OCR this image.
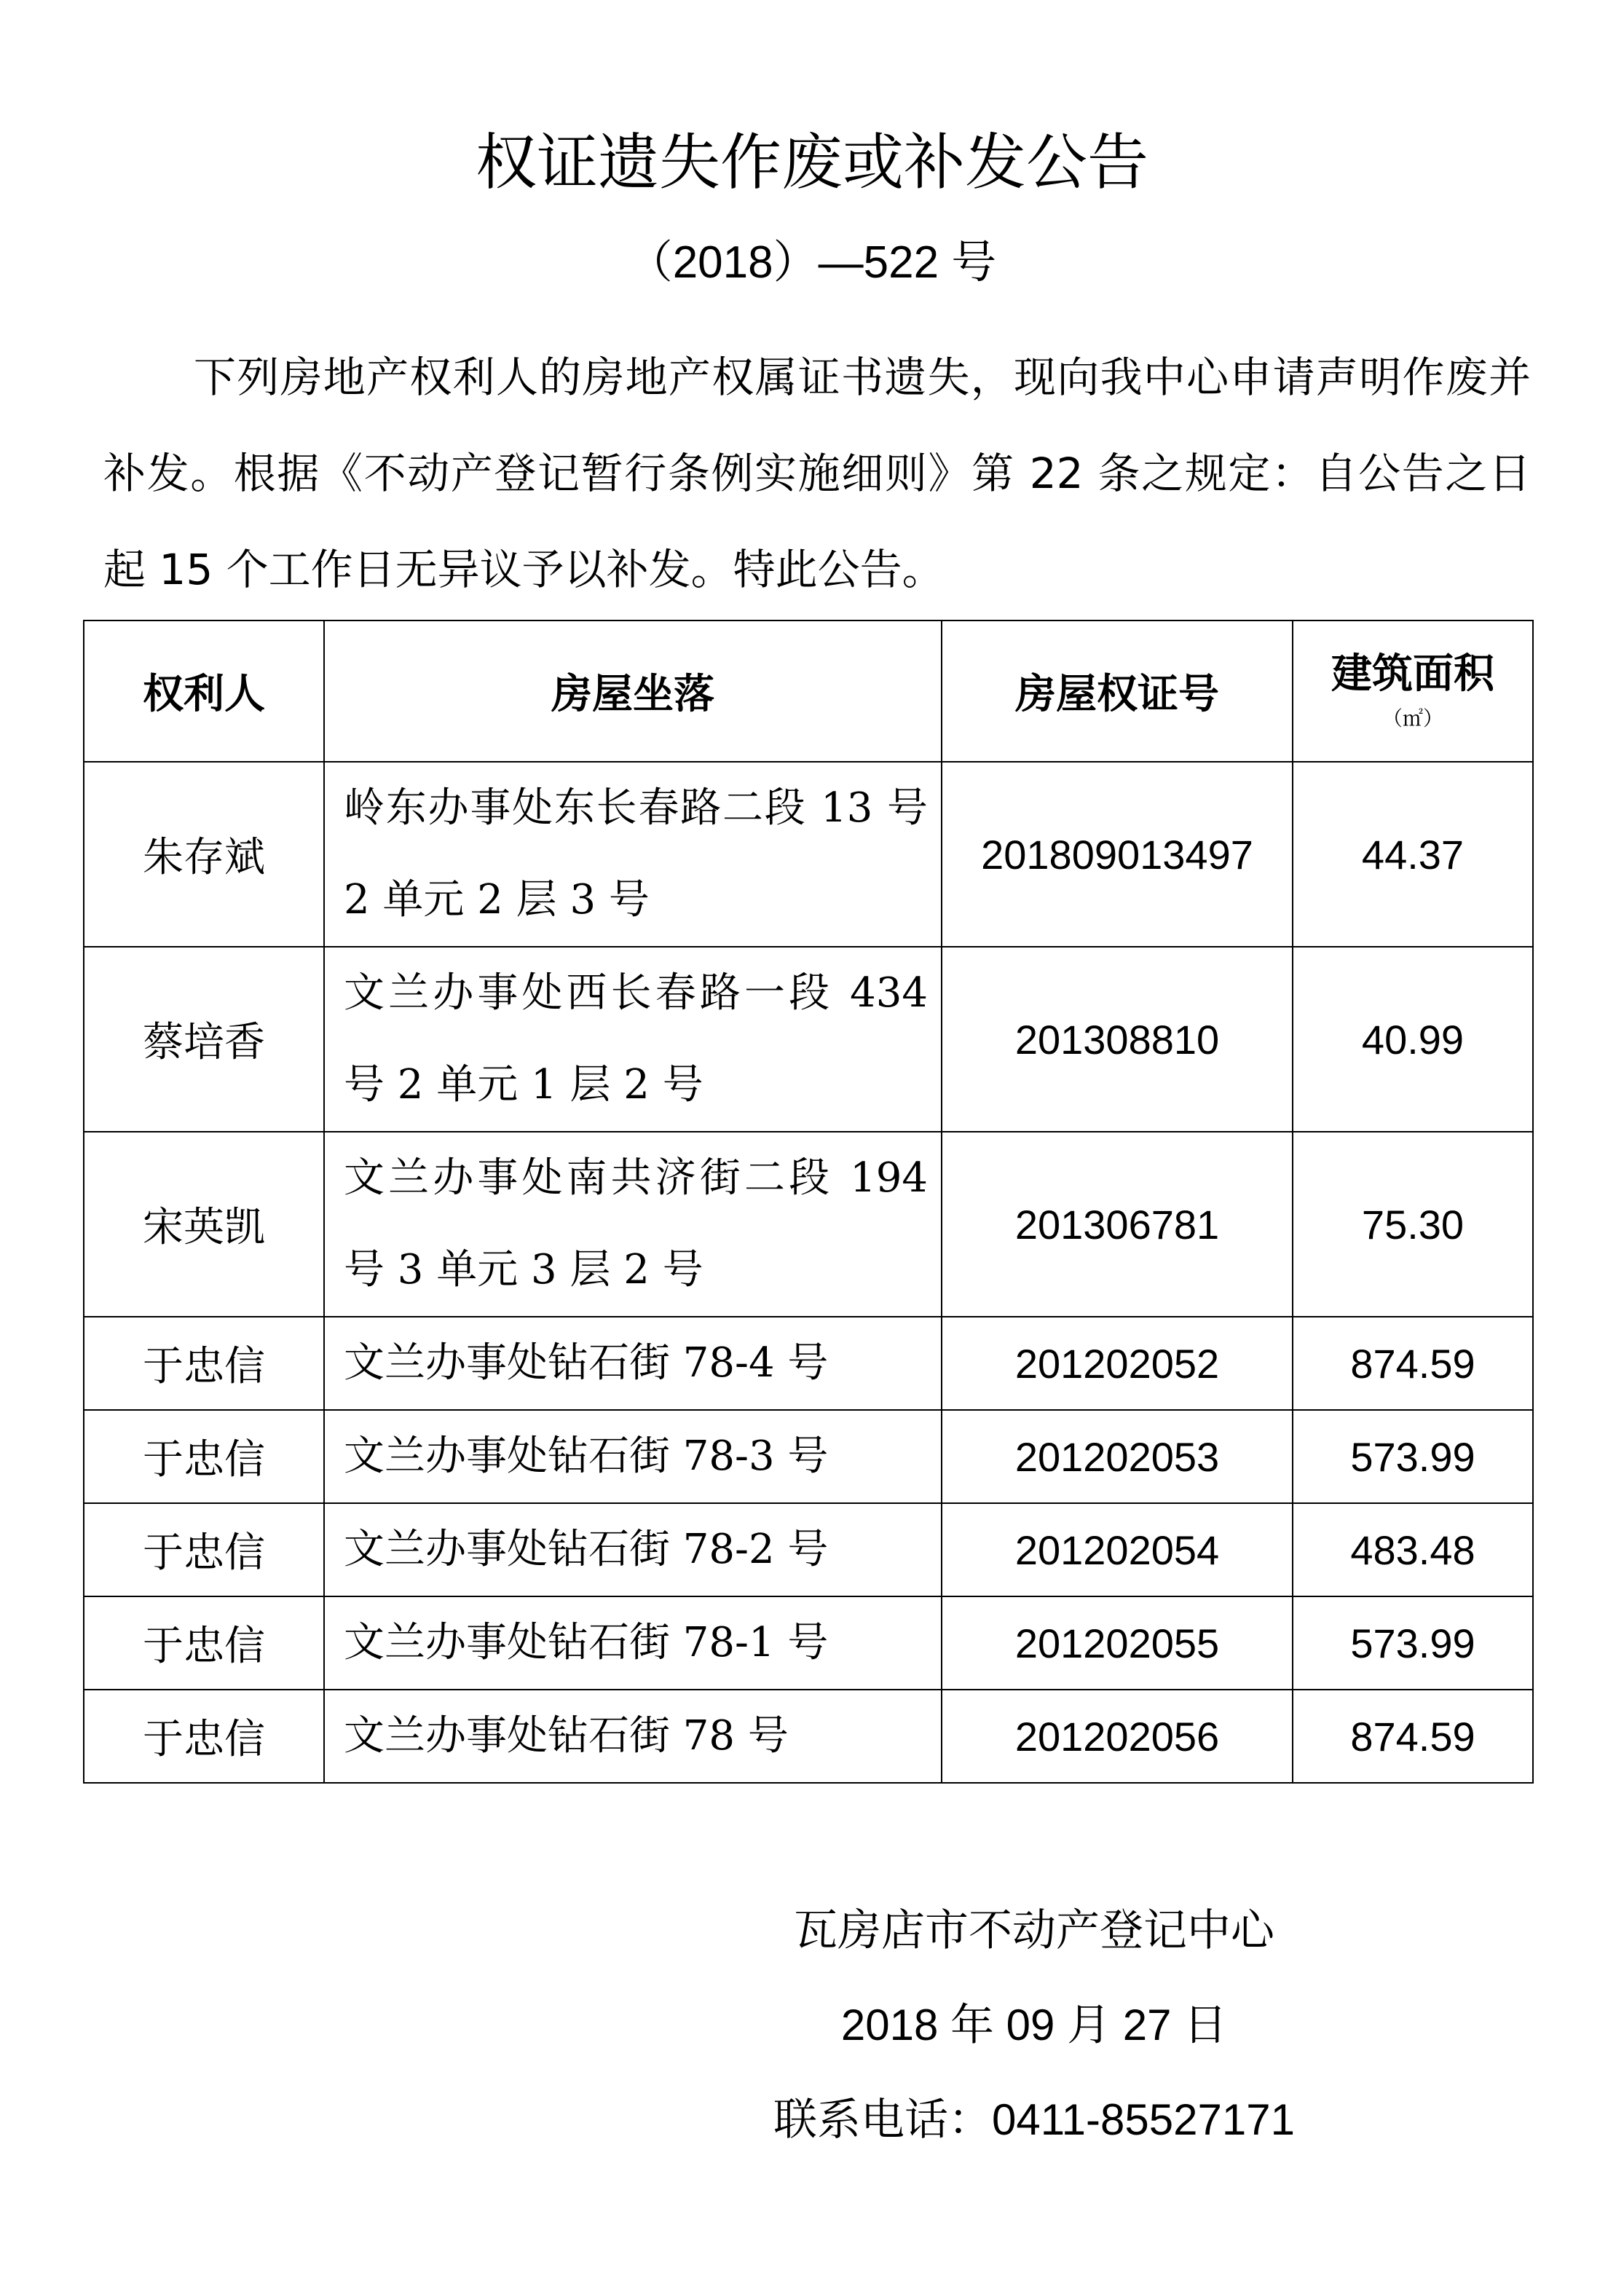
权证遗失作废或补发公告
（2018）—522 号
下列房地产权利人的房地产权属证书遗失，现向我中心申请声明作废并补发。根据《不动产登记暂行条例实施细则》第 22 条之规定：自公告之日起 15 个工作日无异议予以补发。特此公告。
权利人	房屋坐落	房屋权证号	建筑面积
（㎡）

朱存斌	岭东办事处东长春路二段 13 号 2 单元 2 层 3 号	201809013497	44.37
蔡培香	文兰办事处西长春路一段 434 号 2 单元 1 层 2 号	201308810	40.99
宋英凯	文兰办事处南共济街二段 194 号 3 单元 3 层 2 号	201306781	75.30
于忠信	文兰办事处钻石街 78-4 号	201202052	874.59
于忠信	文兰办事处钻石街 78-3 号	201202053	573.99
于忠信	文兰办事处钻石街 78-2 号	201202054	483.48
于忠信	文兰办事处钻石街 78-1 号	201202055	573.99
于忠信	文兰办事处钻石街 78 号	201202056	874.59
瓦房店市不动产登记中心
2018 年 09 月 27 日
联系电话：0411-85527171
